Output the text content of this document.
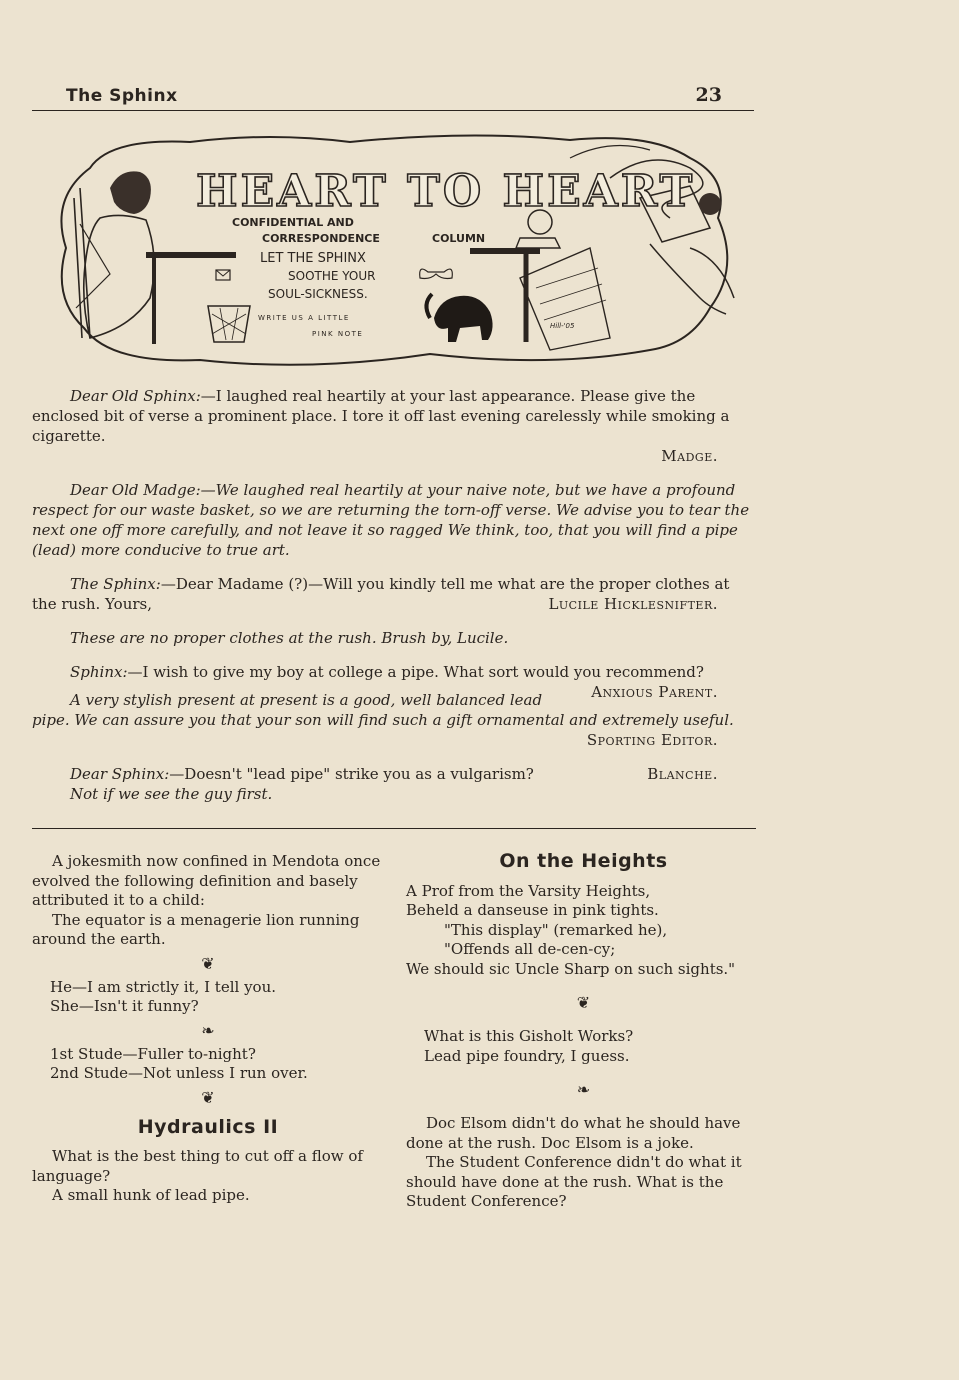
The Sphinx	23
HEART TO HEART
CONFIDENTIAL AND
CORRESPONDENCE	COLUMN
LET THE SPHINX
SOOTHE YOUR
SOUL-SICKNESS.
WRITE US A LITTLE
PINK NOTE
Hill-'05

Dear Old Sphinx:—I laughed real heartily at your last appearance. Please give the enclosed bit of verse a prominent place. I tore it off last evening carelessly while smoking a cigarette.
Madge.

Dear Old Madge:—We laughed real heartily at your naive note, but we have a profound respect for our waste basket, so we are returning the torn-off verse. We advise you to tear the next one off more carefully, and not leave it so ragged We think, too, that you will find a pipe (lead) more conducive to true art.

The Sphinx:—Dear Madame (?)—Will you kindly tell me what are the proper clothes at the rush. Yours,	Lucile Hicklesnifter.

These are no proper clothes at the rush. Brush by, Lucile.

Sphinx:—I wish to give my boy at college a pipe. What sort would you recommend?
Anxious Parent.

A very stylish present at present is a good, well balanced lead pipe. We can assure you that your son will find such a gift ornamental and extremely useful.

Sporting Editor.

Dear Sphinx:—Doesn't "lead pipe" strike you as a vulgarism?	Blanche.

Not if we see the guy first.

A jokesmith now confined in Mendota once evolved the following definition and basely attributed it to a child:

The equator is a menagerie lion running around the earth.

❦

He—I am strictly it, I tell you.

She—Isn't it funny?

❧

1st Stude—Fuller to-night?

2nd Stude—Not unless I run over.

❦
Hydraulics II

What is the best thing to cut off a flow of language?

A small hunk of lead pipe.

On the Heights

A Prof from the Varsity Heights,

Beheld a danseuse in pink tights.

"This display" (remarked he),

"Offends all de-cen-cy;

We should sic Uncle Sharp on such sights."

❦

What is this Gisholt Works?

Lead pipe foundry, I guess.

❧

Doc Elsom didn't do what he should have done at the rush. Doc Elsom is a joke.

The Student Conference didn't do what it should have done at the rush. What is the Student Conference?
